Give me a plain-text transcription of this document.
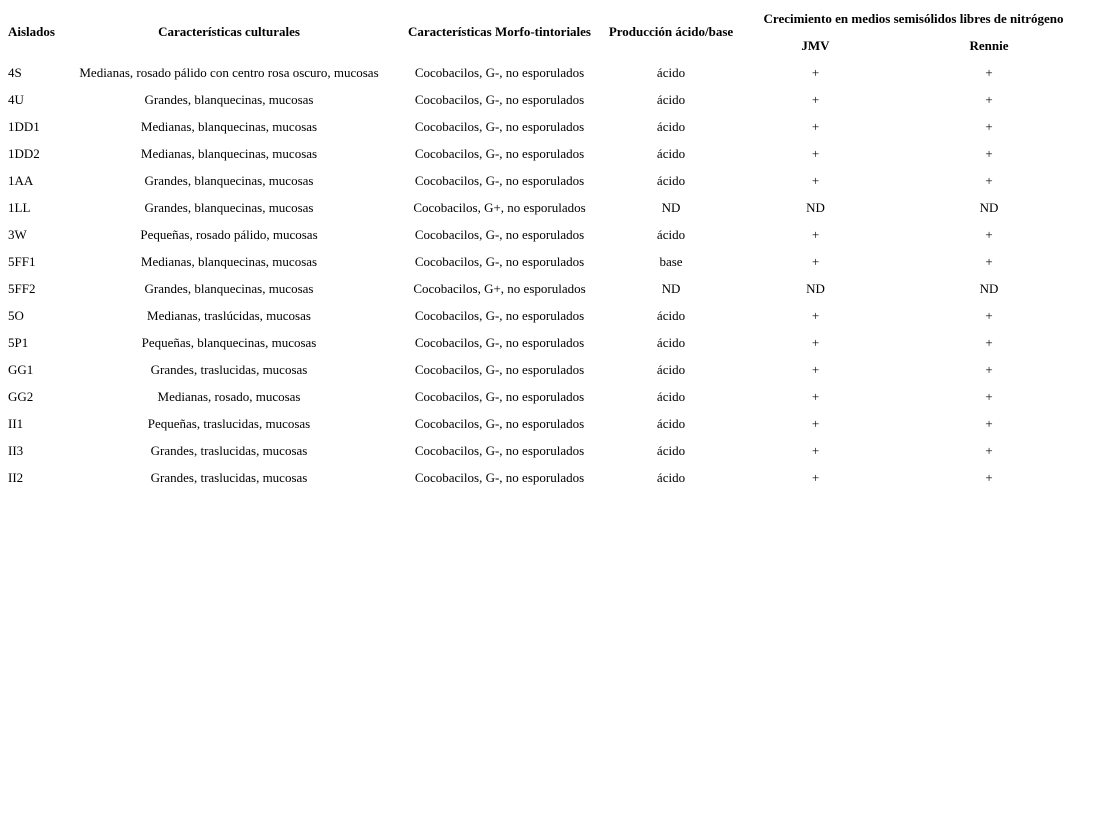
Aislados	Características culturales	Características Morfo-tintoriales	Producción ácido/base	Crecimiento en medios semisólidos libres de nitrógeno	
				JMV	Rennie
4S	Medianas, rosado pálido con centro rosa oscuro, mucosas	Cocobacilos, G-, no esporulados	ácido	+	+
4U	Grandes, blanquecinas, mucosas	Cocobacilos, G-, no esporulados	ácido	+	+
1DD1	Medianas, blanquecinas, mucosas	Cocobacilos, G-, no esporulados	ácido	+	+
1DD2	Medianas, blanquecinas, mucosas	Cocobacilos, G-, no esporulados	ácido	+	+
1AA	Grandes, blanquecinas, mucosas	Cocobacilos, G-, no esporulados	ácido	+	+
1LL	Grandes, blanquecinas, mucosas	Cocobacilos, G+, no esporulados	ND	ND	ND
3W	Pequeñas, rosado pálido, mucosas	Cocobacilos, G-, no esporulados	ácido	+	+
5FF1	Medianas, blanquecinas, mucosas	Cocobacilos, G-, no esporulados	base	+	+
5FF2	Grandes, blanquecinas, mucosas	Cocobacilos, G+, no esporulados	ND	ND	ND
5O	Medianas, traslúcidas, mucosas	Cocobacilos, G-, no esporulados	ácido	+	+
5P1	Pequeñas, blanquecinas, mucosas	Cocobacilos, G-, no esporulados	ácido	+	+
GG1	Grandes, traslucidas, mucosas	Cocobacilos, G-, no esporulados	ácido	+	+
GG2	Medianas, rosado, mucosas	Cocobacilos, G-, no esporulados	ácido	+	+
II1	Pequeñas, traslucidas, mucosas	Cocobacilos, G-, no esporulados	ácido	+	+
II3	Grandes, traslucidas, mucosas	Cocobacilos, G-, no esporulados	ácido	+	+
II2	Grandes, traslucidas, mucosas	Cocobacilos, G-, no esporulados	ácido	+	+
